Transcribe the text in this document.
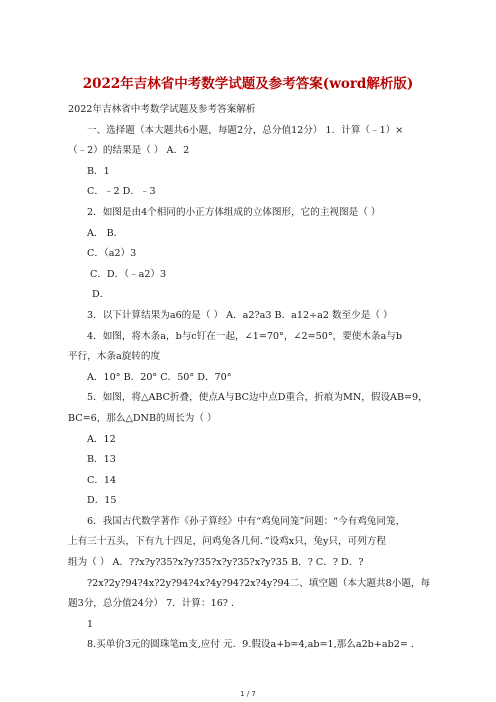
2022年吉林省中考数学试题及参考答案(word解析版)
2022年吉林省中考数学试题及参考答案解析
一、选择题（本大题共6小题，每题2分，总分值12分） 1．计算（﹣1）×
（﹣2）的结果是（ ） A．2
B．1
C．﹣2 D．﹣3
2．如图是由4个相同的小正方体组成的立体图形，它的主视图是（ ）
A． B．
C．（a2）3
C．D．（﹣a2）3
D．
3．以下计算结果为a6的是（ ） A．a2?a3 B．a12÷a2 数至少是（ ）
4．如图，将木条a，b与c钉在一起，∠1=70°，∠2=50°，要使木条a与b
平行，木条a旋转的度
A．10° B．20° C．50° D．70°
5．如图，将△ABC折叠，使点A与BC边中点D重合，折痕为MN，假设AB=9，
BC=6，那么△DNB的周长为（ ）
A．12
B．13
C．14
D．15
6．我国古代数学著作《孙子算经》中有“鸡兔同笼”问题：“今有鸡兔同笼，
上有三十五头，下有九十四足，问鸡兔各几何．”设鸡x只，兔y只，可列方程
组为（ ） A．??x?y?35?x?y?35?x?y?35?x?y?35 B．? C．? D．?
?2x?2y?94?4x?2y?94?4x?4y?94?2x?4y?94二、填空题（本大题共8小题，每
题3分，总分值24分） 7．计算：16? ．
1
8.买单价3元的圆珠笔m支,应付 元．9.假设a+b=4,ab=1,那么a2b+ab2= ．
1 / 7
